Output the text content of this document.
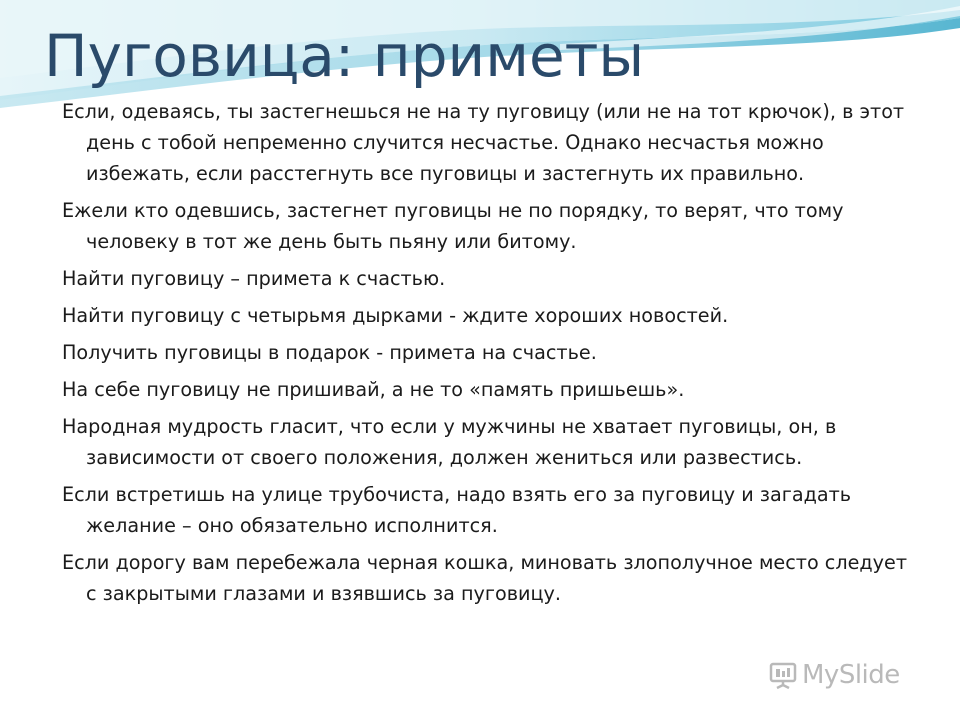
Пуговица: приметы
Если, одеваясь, ты застегнешься не на ту пуговицу (или не на тот крючок), в этот день с тобой непременно случится несчастье. Однако несчастья можно избежать, если расстегнуть все пуговицы и застегнуть их правильно.
Ежели кто одевшись, застегнет пуговицы не по порядку, то верят, что тому человеку в тот же день быть пьяну или битому.
Найти пуговицу – примета к счастью.
Найти пуговицу с четырьмя дырками - ждите хороших новостей.
Получить пуговицы в подарок - примета на счастье.
На себе пуговицу не пришивай, а не то «память пришьешь».
Народная мудрость гласит, что если у мужчины не хватает пуговицы, он, в зависимости от своего положения, должен жениться или развестись.
Если встретишь на улице трубочиста, надо взять его за пуговицу и загадать желание – оно обязательно исполнится.
Если дорогу вам перебежала черная кошка, миновать злополучное место следует с закрытыми глазами и взявшись за пуговицу.
MySlide
